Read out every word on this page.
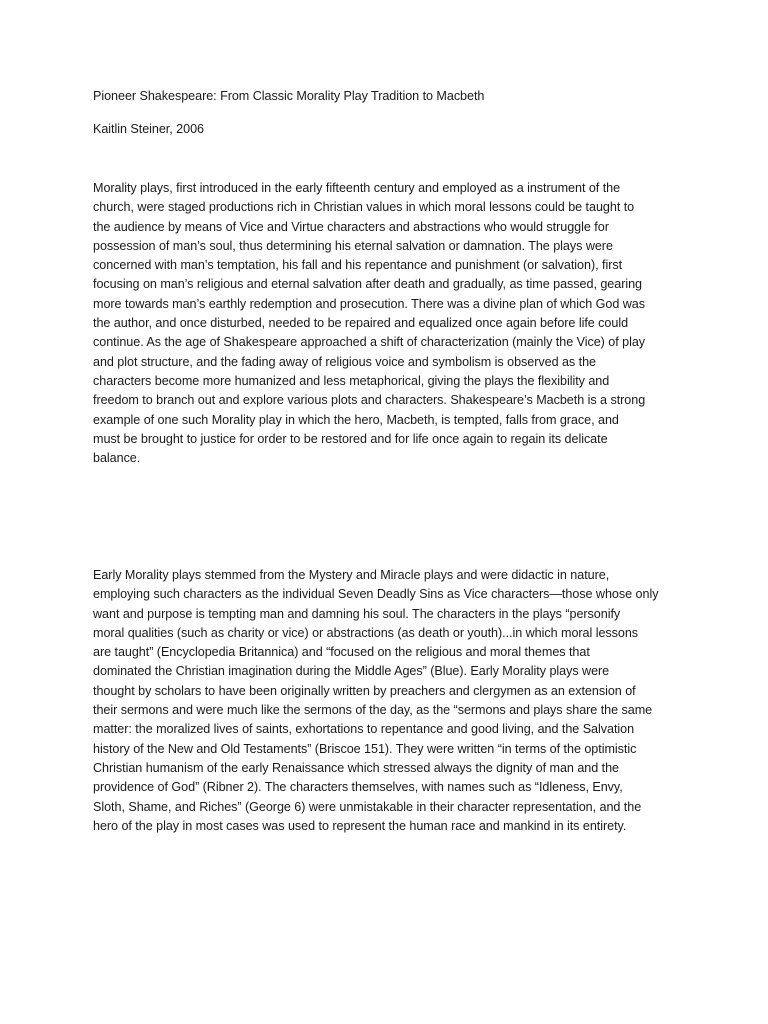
Pioneer Shakespeare: From Classic Morality Play Tradition to Macbeth

Kaitlin Steiner, 2006

Morality plays, first introduced in the early fifteenth century and employed as a instrument of the
church, were staged productions rich in Christian values in which moral lessons could be taught to
the audience by means of Vice and Virtue characters and abstractions who would struggle for
possession of man’s soul, thus determining his eternal salvation or damnation. The plays were
concerned with man’s temptation, his fall and his repentance and punishment (or salvation), first
focusing on man’s religious and eternal salvation after death and gradually, as time passed, gearing
more towards man’s earthly redemption and prosecution. There was a divine plan of which God was
the author, and once disturbed, needed to be repaired and equalized once again before life could
continue. As the age of Shakespeare approached a shift of characterization (mainly the Vice) of play
and plot structure, and the fading away of religious voice and symbolism is observed as the
characters become more humanized and less metaphorical, giving the plays the flexibility and
freedom to branch out and explore various plots and characters. Shakespeare’s Macbeth is a strong
example of one such Morality play in which the hero, Macbeth, is tempted, falls from grace, and
must be brought to justice for order to be restored and for life once again to regain its delicate
balance.

Early Morality plays stemmed from the Mystery and Miracle plays and were didactic in nature,
employing such characters as the individual Seven Deadly Sins as Vice characters—those whose only
want and purpose is tempting man and damning his soul. The characters in the plays “personify
moral qualities (such as charity or vice) or abstractions (as death or youth)...in which moral lessons
are taught” (Encyclopedia Britannica) and “focused on the religious and moral themes that
dominated the Christian imagination during the Middle Ages” (Blue). Early Morality plays were
thought by scholars to have been originally written by preachers and clergymen as an extension of
their sermons and were much like the sermons of the day, as the “sermons and plays share the same
matter: the moralized lives of saints, exhortations to repentance and good living, and the Salvation
history of the New and Old Testaments” (Briscoe 151). They were written “in terms of the optimistic
Christian humanism of the early Renaissance which stressed always the dignity of man and the
providence of God” (Ribner 2). The characters themselves, with names such as “Idleness, Envy,
Sloth, Shame, and Riches” (George 6) were unmistakable in their character representation, and the
hero of the play in most cases was used to represent the human race and mankind in its entirety.
